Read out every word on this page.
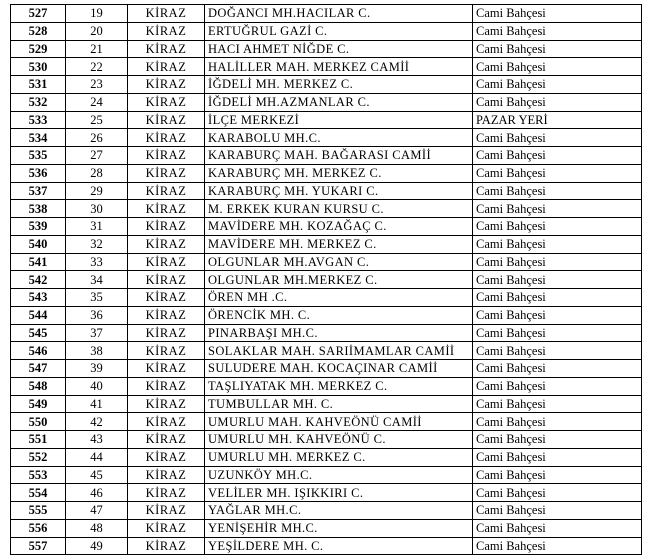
527	19	KİRAZ	DOĞANCI MH.HACILAR C.	Cami Bahçesi
528	20	KİRAZ	ERTUĞRUL GAZİ C.	Cami Bahçesi
529	21	KİRAZ	HACI AHMET NİĞDE C.	Cami Bahçesi
530	22	KİRAZ	HALİLLER MAH. MERKEZ CAMİİ	Cami Bahçesi
531	23	KİRAZ	İĞDELİ MH. MERKEZ C.	Cami Bahçesi
532	24	KİRAZ	İĞDELİ MH.AZMANLAR C.	Cami Bahçesi
533	25	KİRAZ	İLÇE MERKEZİ	PAZAR YERİ
534	26	KİRAZ	KARABOLU MH.C.	Cami Bahçesi
535	27	KİRAZ	KARABURÇ MAH. BAĞARASI CAMİİ	Cami Bahçesi
536	28	KİRAZ	KARABURÇ MH. MERKEZ C.	Cami Bahçesi
537	29	KİRAZ	KARABURÇ MH. YUKARI C.	Cami Bahçesi
538	30	KİRAZ	M. ERKEK KURAN KURSU C.	Cami Bahçesi
539	31	KİRAZ	MAVİDERE MH. KOZAĞAÇ C.	Cami Bahçesi
540	32	KİRAZ	MAVİDERE MH. MERKEZ C.	Cami Bahçesi
541	33	KİRAZ	OLGUNLAR MH.AVGAN C.	Cami Bahçesi
542	34	KİRAZ	OLGUNLAR MH.MERKEZ C.	Cami Bahçesi
543	35	KİRAZ	ÖREN MH .C.	Cami Bahçesi
544	36	KİRAZ	ÖRENCİK MH. C.	Cami Bahçesi
545	37	KİRAZ	PINARBAŞI MH.C.	Cami Bahçesi
546	38	KİRAZ	SOLAKLAR MAH. SARIİMAMLAR CAMİİ	Cami Bahçesi
547	39	KİRAZ	SULUDERE MAH. KOCAÇINAR CAMİİ	Cami Bahçesi
548	40	KİRAZ	TAŞLIYATAK MH. MERKEZ C.	Cami Bahçesi
549	41	KİRAZ	TUMBULLAR MH. C.	Cami Bahçesi
550	42	KİRAZ	UMURLU MAH. KAHVEÖNÜ CAMİİ	Cami Bahçesi
551	43	KİRAZ	UMURLU MH. KAHVEÖNÜ C.	Cami Bahçesi
552	44	KİRAZ	UMURLU MH. MERKEZ C.	Cami Bahçesi
553	45	KİRAZ	UZUNKÖY MH.C.	Cami Bahçesi
554	46	KİRAZ	VELİLER MH. IŞIKKIRI C.	Cami Bahçesi
555	47	KİRAZ	YAĞLAR MH.C.	Cami Bahçesi
556	48	KİRAZ	YENİŞEHİR MH.C.	Cami Bahçesi
557	49	KİRAZ	YEŞİLDERE MH. C.	Cami Bahçesi
